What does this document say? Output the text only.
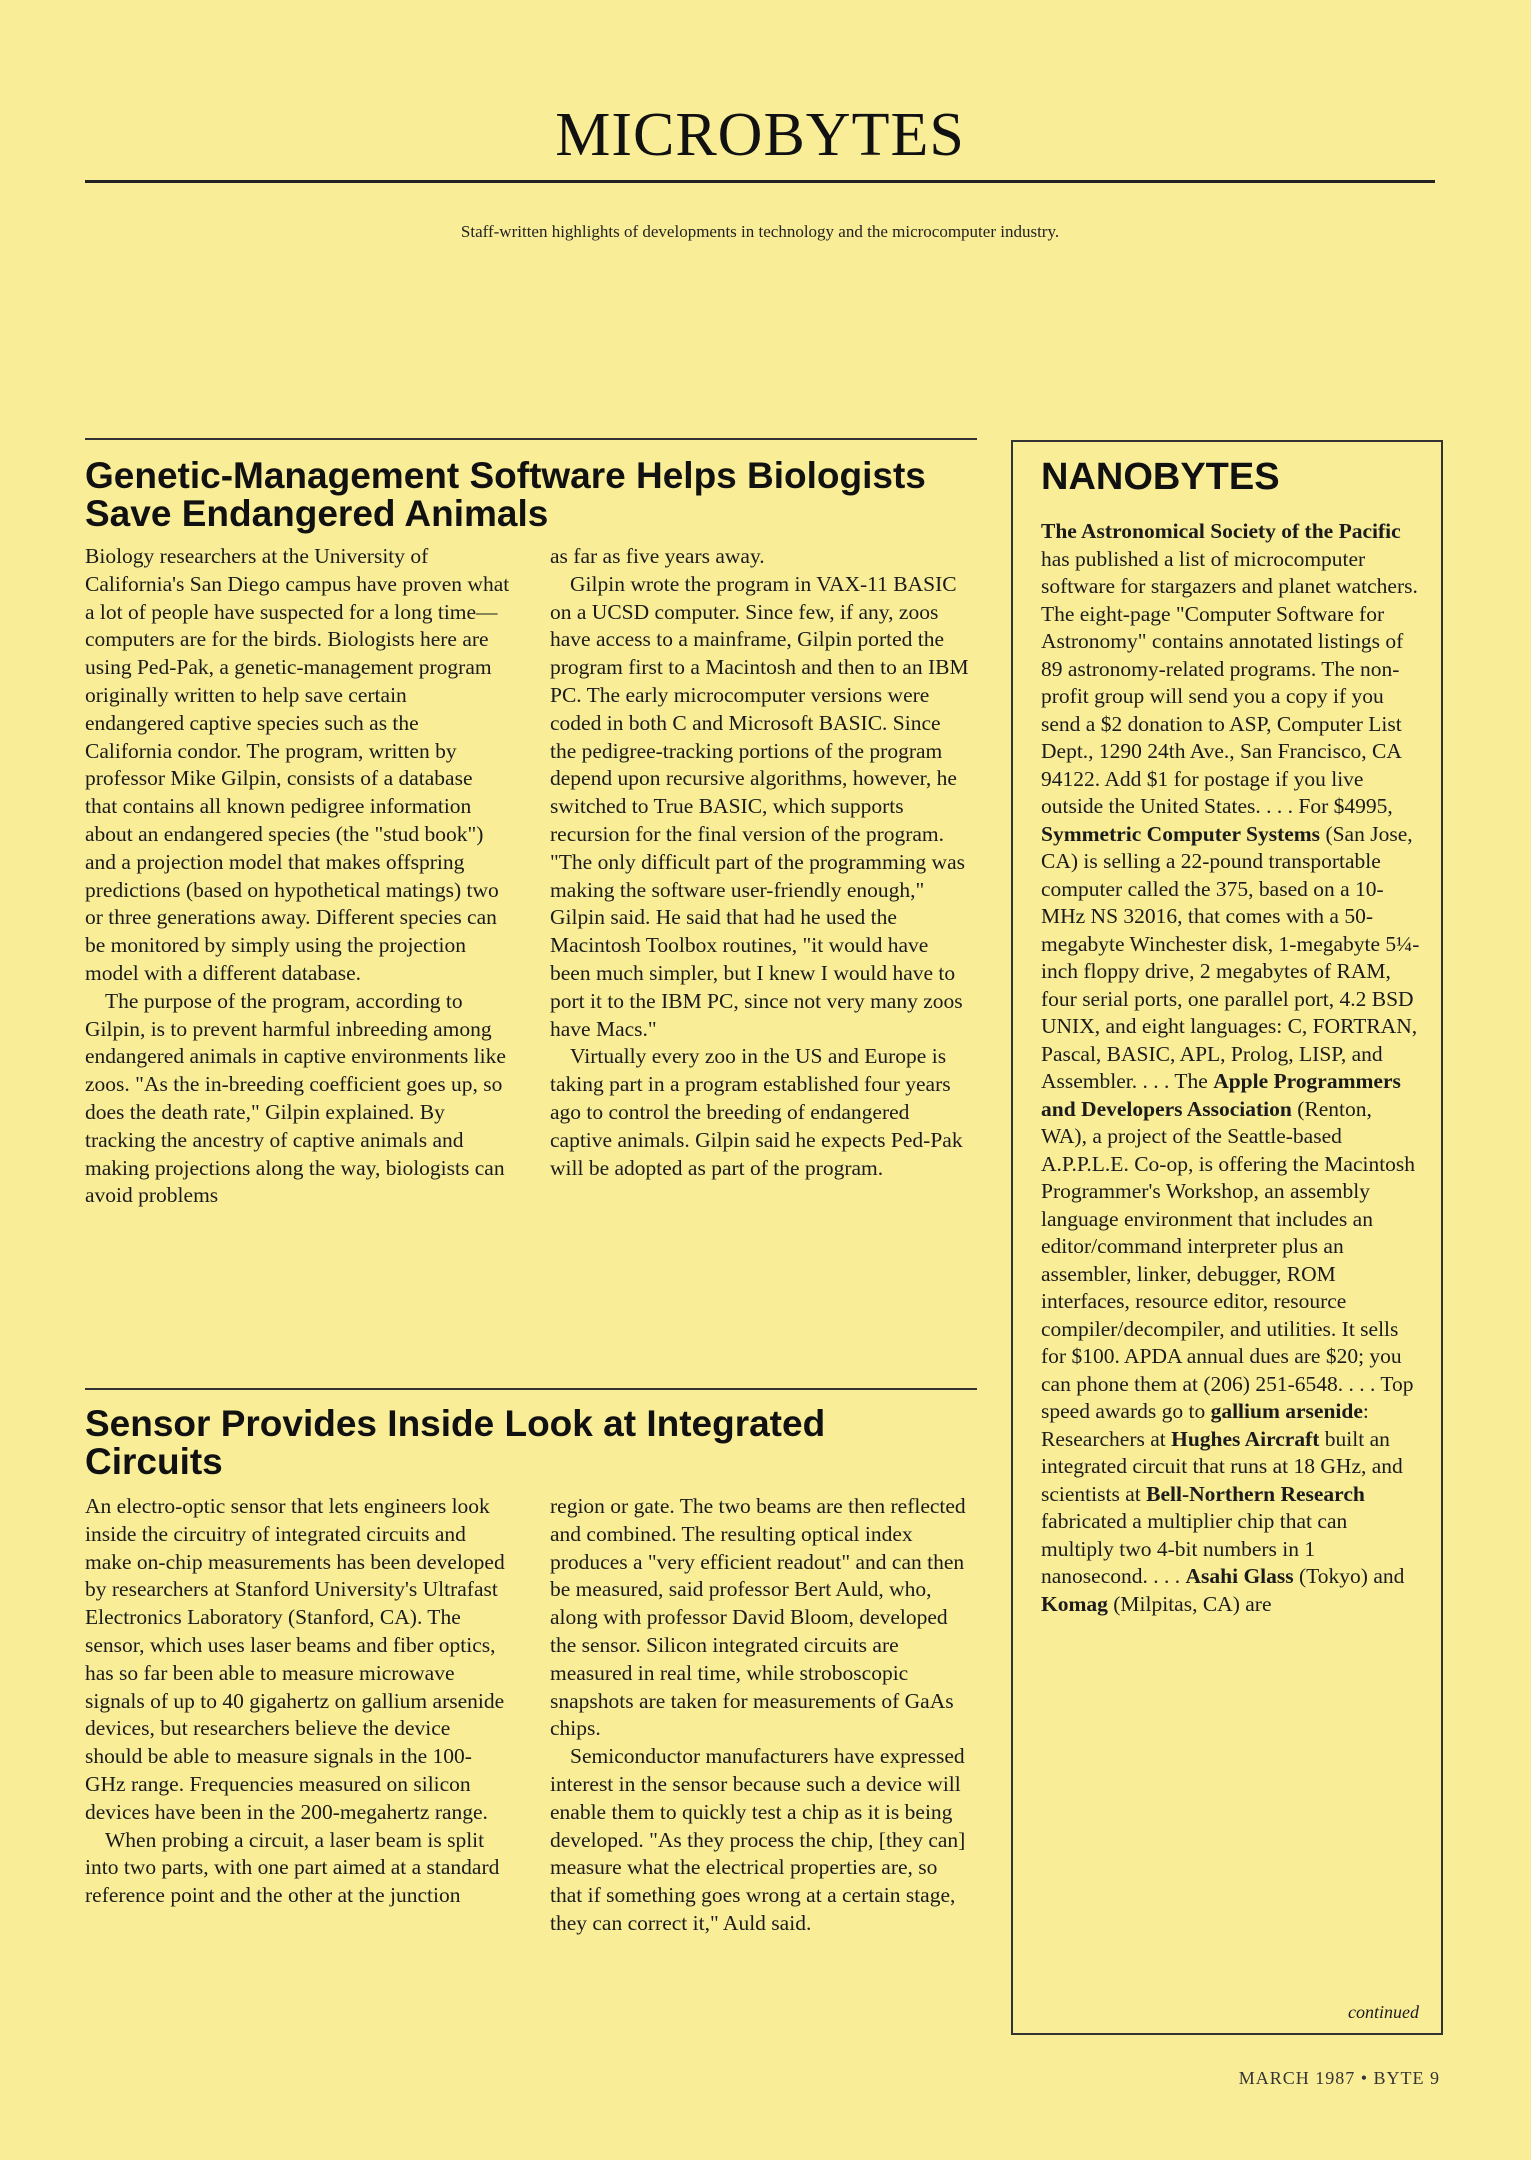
MICROBYTES
Staff-written highlights of developments in technology and the microcomputer industry.
Genetic-Management Software Helps Biologists Save Endangered Animals

Biology researchers at the University of California's San Diego campus have proven what a lot of people have suspected for a long time—computers are for the birds. Biologists here are using Ped-Pak, a genetic-management program originally written to help save certain endangered captive species such as the California condor. The program, written by professor Mike Gilpin, consists of a database that contains all known pedigree information about an endangered species (the "stud book") and a projection model that makes offspring predictions (based on hypothetical matings) two or three generations away. Different species can be monitored by simply using the projection model with a different database.

The purpose of the program, according to Gilpin, is to prevent harmful inbreeding among endangered animals in captive environments like zoos. "As the in-breeding coefficient goes up, so does the death rate," Gilpin explained. By tracking the ancestry of captive animals and making projections along the way, biologists can avoid problems

as far as five years away.

Gilpin wrote the program in VAX-11 BASIC on a UCSD computer. Since few, if any, zoos have access to a mainframe, Gilpin ported the program first to a Macintosh and then to an IBM PC. The early microcomputer versions were coded in both C and Microsoft BASIC. Since the pedigree-tracking portions of the program depend upon recursive algorithms, however, he switched to True BASIC, which supports recursion for the final version of the program. "The only difficult part of the programming was making the software user-friendly enough," Gilpin said. He said that had he used the Macintosh Toolbox routines, "it would have been much simpler, but I knew I would have to port it to the IBM PC, since not very many zoos have Macs."

Virtually every zoo in the US and Europe is taking part in a program established four years ago to control the breeding of endangered captive animals. Gilpin said he expects Ped-Pak will be adopted as part of the program.

Sensor Provides Inside Look at Integrated Circuits

An electro-optic sensor that lets engineers look inside the circuitry of integrated circuits and make on-chip measurements has been developed by researchers at Stanford University's Ultrafast Electronics Laboratory (Stanford, CA). The sensor, which uses laser beams and fiber optics, has so far been able to measure microwave signals of up to 40 gigahertz on gallium arsenide devices, but researchers believe the device should be able to measure signals in the 100-GHz range. Frequencies measured on silicon devices have been in the 200-megahertz range.

When probing a circuit, a laser beam is split into two parts, with one part aimed at a standard reference point and the other at the junction

region or gate. The two beams are then reflected and combined. The resulting optical index produces a "very efficient readout" and can then be measured, said professor Bert Auld, who, along with professor David Bloom, developed the sensor. Silicon integrated circuits are measured in real time, while stroboscopic snapshots are taken for measurements of GaAs chips.

Semiconductor manufacturers have expressed interest in the sensor because such a device will enable them to quickly test a chip as it is being developed. "As they process the chip, [they can] measure what the electrical properties are, so that if something goes wrong at a certain stage, they can correct it," Auld said.

NANOBYTES
The Astronomical Society of the Pacific has published a list of microcomputer software for stargazers and planet watchers. The eight-page "Computer Software for Astronomy" contains annotated listings of 89 astronomy-related programs. The non-profit group will send you a copy if you send a $2 donation to ASP, Computer List Dept., 1290 24th Ave., San Francisco, CA 94122. Add $1 for postage if you live outside the United States. . . . For $4995, Symmetric Computer Systems (San Jose, CA) is selling a 22-pound transportable computer called the 375, based on a 10-MHz NS 32016, that comes with a 50-megabyte Winchester disk, 1-megabyte 5¼-inch floppy drive, 2 megabytes of RAM, four serial ports, one parallel port, 4.2 BSD UNIX, and eight languages: C, FORTRAN, Pascal, BASIC, APL, Prolog, LISP, and Assembler. . . . The Apple Programmers and Developers Association (Renton, WA), a project of the Seattle-based A.P.P.L.E. Co-op, is offering the Macintosh Programmer's Workshop, an assembly language environment that includes an editor/command interpreter plus an assembler, linker, debugger, ROM interfaces, resource editor, resource compiler/decompiler, and utilities. It sells for $100. APDA annual dues are $20; you can phone them at (206) 251-6548. . . . Top speed awards go to gallium arsenide: Researchers at Hughes Aircraft built an integrated circuit that runs at 18 GHz, and scientists at Bell-Northern Research fabricated a multiplier chip that can multiply two 4-bit numbers in 1 nanosecond. . . . Asahi Glass (Tokyo) and Komag (Milpitas, CA) are
continued
MARCH 1987 • BYTE 9
